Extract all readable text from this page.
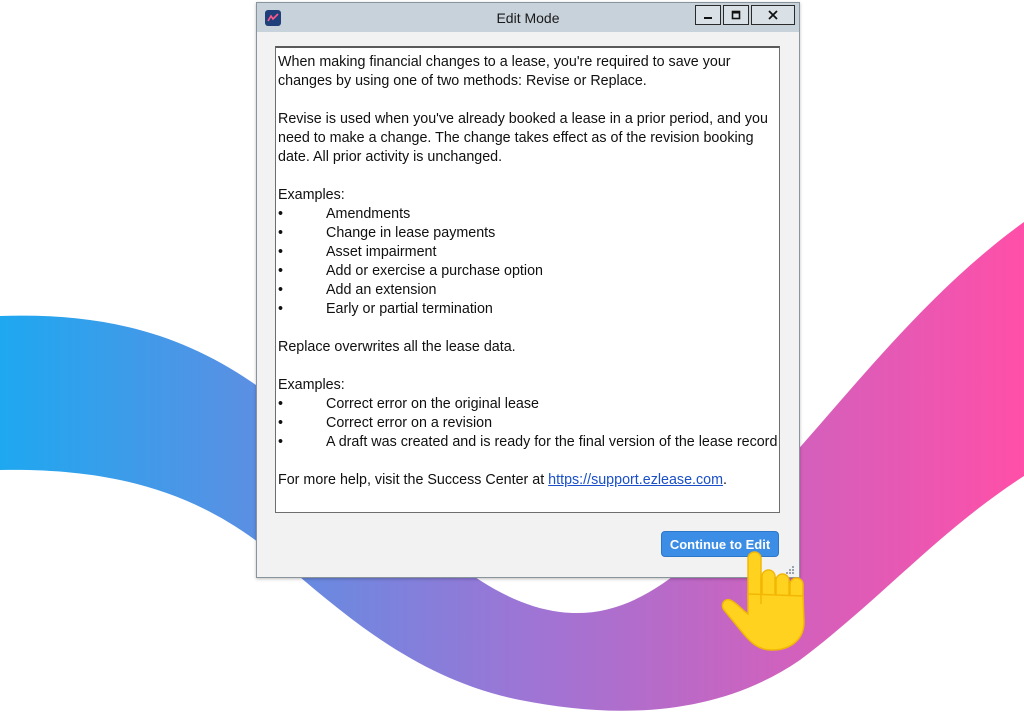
Edit Mode

When making financial changes to a lease, you're required to save your changes by using one of two methods: Revise or Replace.

Revise is used when you've already booked a lease in a prior period, and you need to make a change. The change takes effect as of the revision booking date. All prior activity is unchanged.

Examples:

•	Amendments
•	Change in lease payments
•	Asset impairment
•	Add or exercise a purchase option
•	Add an extension
•	Early or partial termination

Replace overwrites all the lease data.

Examples:

•	Correct error on the original lease
•	Correct error on a revision
•	A draft was created and is ready for the final version of the lease record

For more help, visit the Success Center at https://support.ezlease.com.

Continue to Edit
